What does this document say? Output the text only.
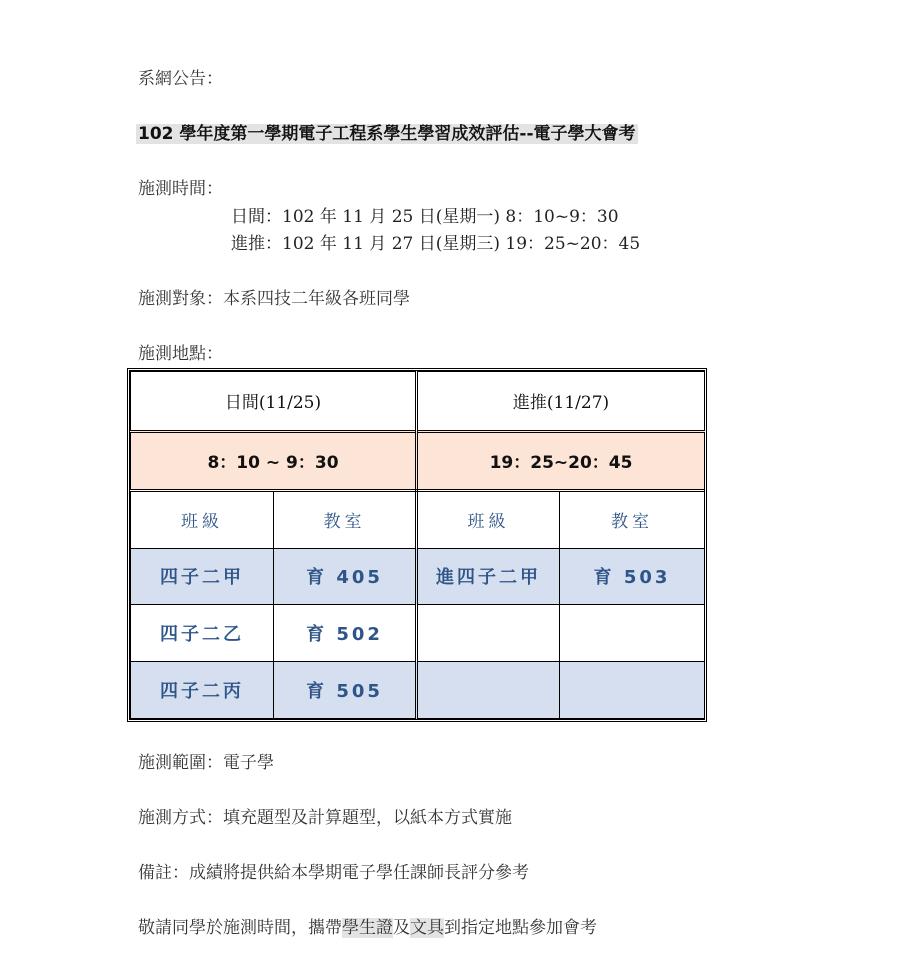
系網公告：
102 學年度第一學期電子工程系學生學習成效評估--電子學大會考
施測時間：
日間：102 年 11 月 25 日(星期一) 8：10~9：30
進推：102 年 11 月 27 日(星期三) 19：25~20：45
施測對象：本系四技二年級各班同學
施測地點：
日間(11/25)		進推(11/27)	
8：10 ~ 9：30		19：25~20：45	
班級	教室	班級	教室
四子二甲	育 405	進四子二甲	育 503
四子二乙	育 502		
四子二丙	育 505		
施測範圍：電子學
施測方式：填充題型及計算題型，以紙本方式實施
備註：成績將提供給本學期電子學任課師長評分參考
敬請同學於施測時間，攜帶學生證及文具到指定地點參加會考
